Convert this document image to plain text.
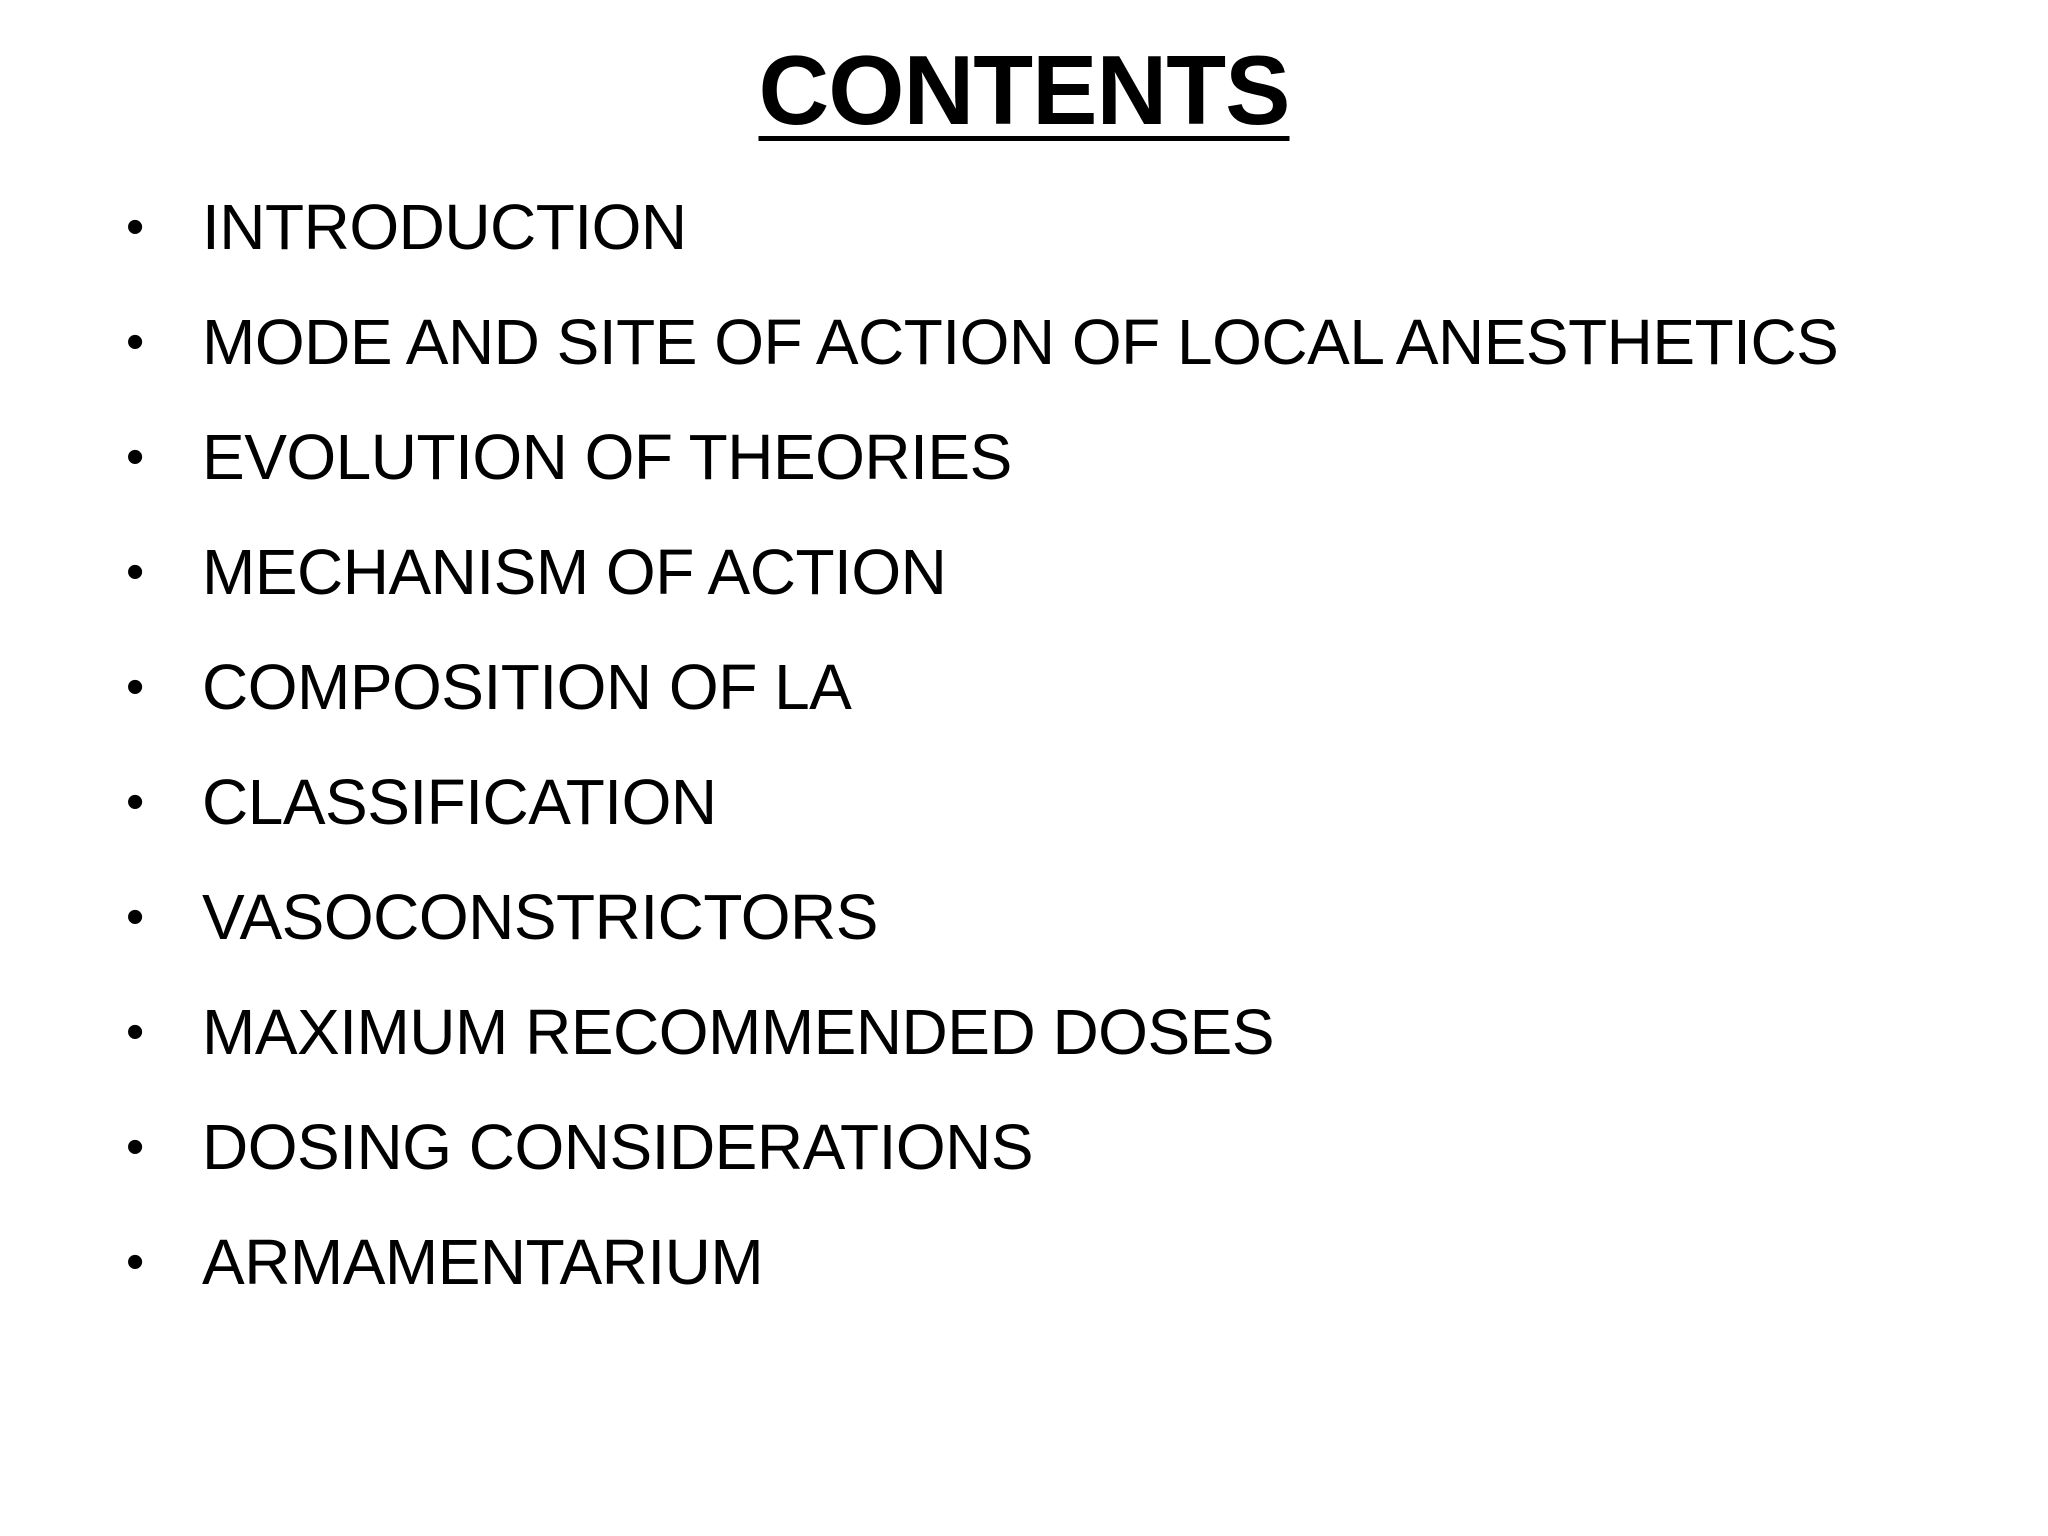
CONTENTS
• INTRODUCTION
• MODE AND SITE OF ACTION OF LOCAL ANESTHETICS
• EVOLUTION OF THEORIES
• MECHANISM OF ACTION
• COMPOSITION OF LA
• CLASSIFICATION
• VASOCONSTRICTORS
• MAXIMUM RECOMMENDED DOSES
• DOSING CONSIDERATIONS
• ARMAMENTARIUM
